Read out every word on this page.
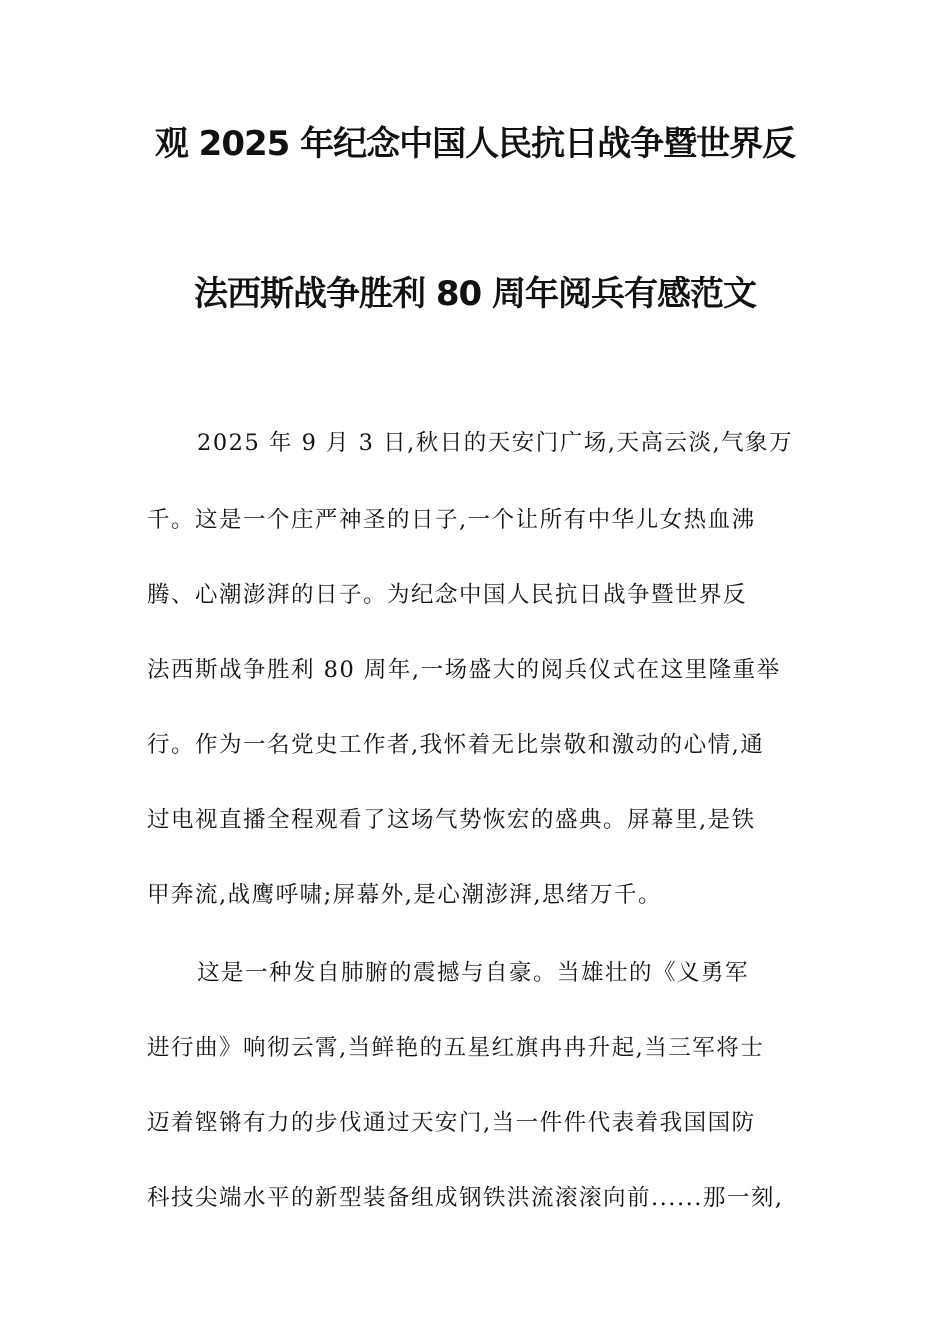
观 2025 年纪念中国人民抗日战争暨世界反
法西斯战争胜利 80 周年阅兵有感范文
2025 年 9 月 3 日,秋日的天安门广场,天高云淡,气象万
千。这是一个庄严神圣的日子,一个让所有中华儿女热血沸
腾、心潮澎湃的日子。为纪念中国人民抗日战争暨世界反
法西斯战争胜利 80 周年,一场盛大的阅兵仪式在这里隆重举
行。作为一名党史工作者,我怀着无比崇敬和激动的心情,通
过电视直播全程观看了这场气势恢宏的盛典。屏幕里,是铁
甲奔流,战鹰呼啸;屏幕外,是心潮澎湃,思绪万千。
这是一种发自肺腑的震撼与自豪。当雄壮的《义勇军
进行曲》响彻云霄,当鲜艳的五星红旗冉冉升起,当三军将士
迈着铿锵有力的步伐通过天安门,当一件件代表着我国国防
科技尖端水平的新型装备组成钢铁洪流滚滚向前......那一刻,
